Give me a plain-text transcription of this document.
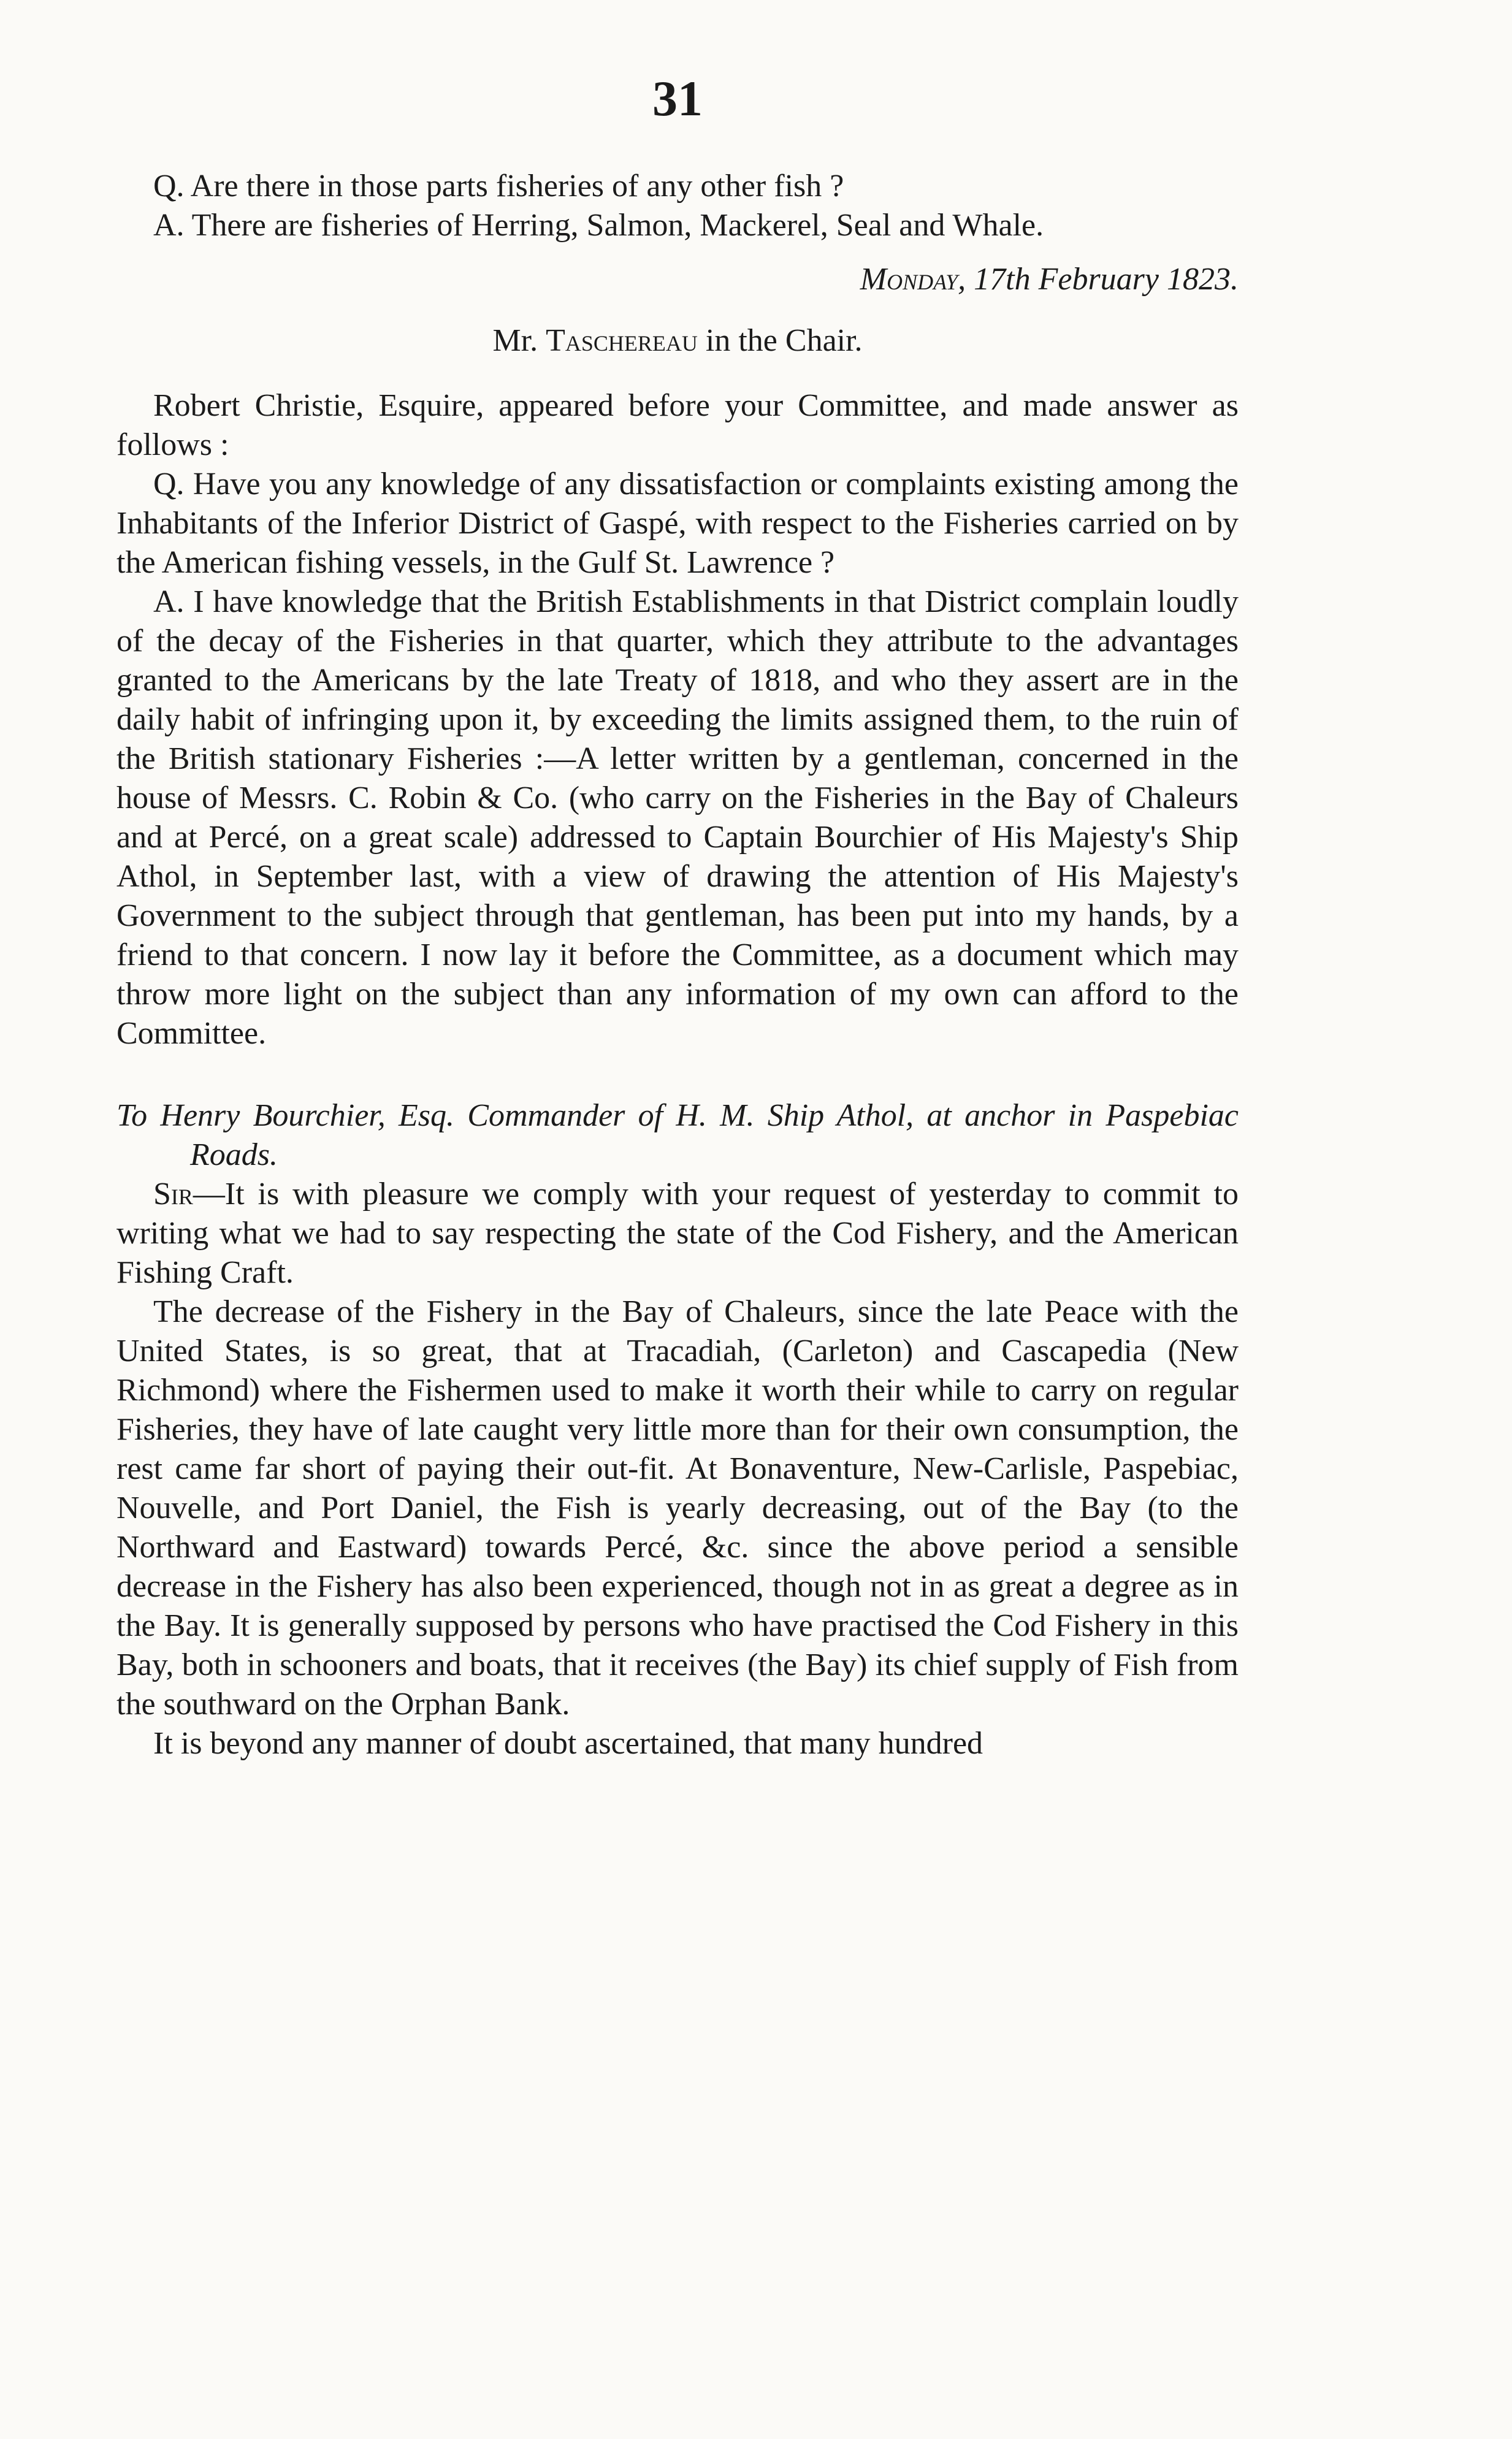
31

Q. Are there in those parts fisheries of any other fish ?

A. There are fisheries of Herring, Salmon, Mackerel, Seal and Whale.

Monday, 17th February 1823.

Mr. Taschereau in the Chair.

Robert Christie, Esquire, appeared before your Committee, and made answer as follows :

Q. Have you any knowledge of any dissatisfaction or complaints existing among the Inhabitants of the Inferior District of Gaspé, with respect to the Fisheries carried on by the American fishing vessels, in the Gulf St. Lawrence ?

A. I have knowledge that the British Establishments in that District complain loudly of the decay of the Fisheries in that quarter, which they attribute to the advantages granted to the Americans by the late Treaty of 1818, and who they assert are in the daily habit of infringing upon it, by exceeding the limits assigned them, to the ruin of the British stationary Fisheries :—A letter written by a gentleman, concerned in the house of Messrs. C. Robin & Co. (who carry on the Fisheries in the Bay of Chaleurs and at Percé, on a great scale) addressed to Captain Bourchier of His Majesty's Ship Athol, in September last, with a view of drawing the attention of His Majesty's Government to the subject through that gentleman, has been put into my hands, by a friend to that concern. I now lay it before the Committee, as a document which may throw more light on the subject than any information of my own can afford to the Committee.

To Henry Bourchier, Esq. Commander of H. M. Ship Athol, at anchor in Paspebiac Roads.

Sir—It is with pleasure we comply with your request of yesterday to commit to writing what we had to say respecting the state of the Cod Fishery, and the American Fishing Craft.

The decrease of the Fishery in the Bay of Chaleurs, since the late Peace with the United States, is so great, that at Tracadiah, (Carleton) and Cascapedia (New Richmond) where the Fishermen used to make it worth their while to carry on regular Fisheries, they have of late caught very little more than for their own consumption, the rest came far short of paying their out-fit. At Bonaventure, New-Carlisle, Paspebiac, Nouvelle, and Port Daniel, the Fish is yearly decreasing, out of the Bay (to the Northward and Eastward) towards Percé, &c. since the above period a sensible decrease in the Fishery has also been experienced, though not in as great a degree as in the Bay. It is generally supposed by persons who have practised the Cod Fishery in this Bay, both in schooners and boats, that it receives (the Bay) its chief supply of Fish from the southward on the Orphan Bank.

It is beyond any manner of doubt ascertained, that many hundred
